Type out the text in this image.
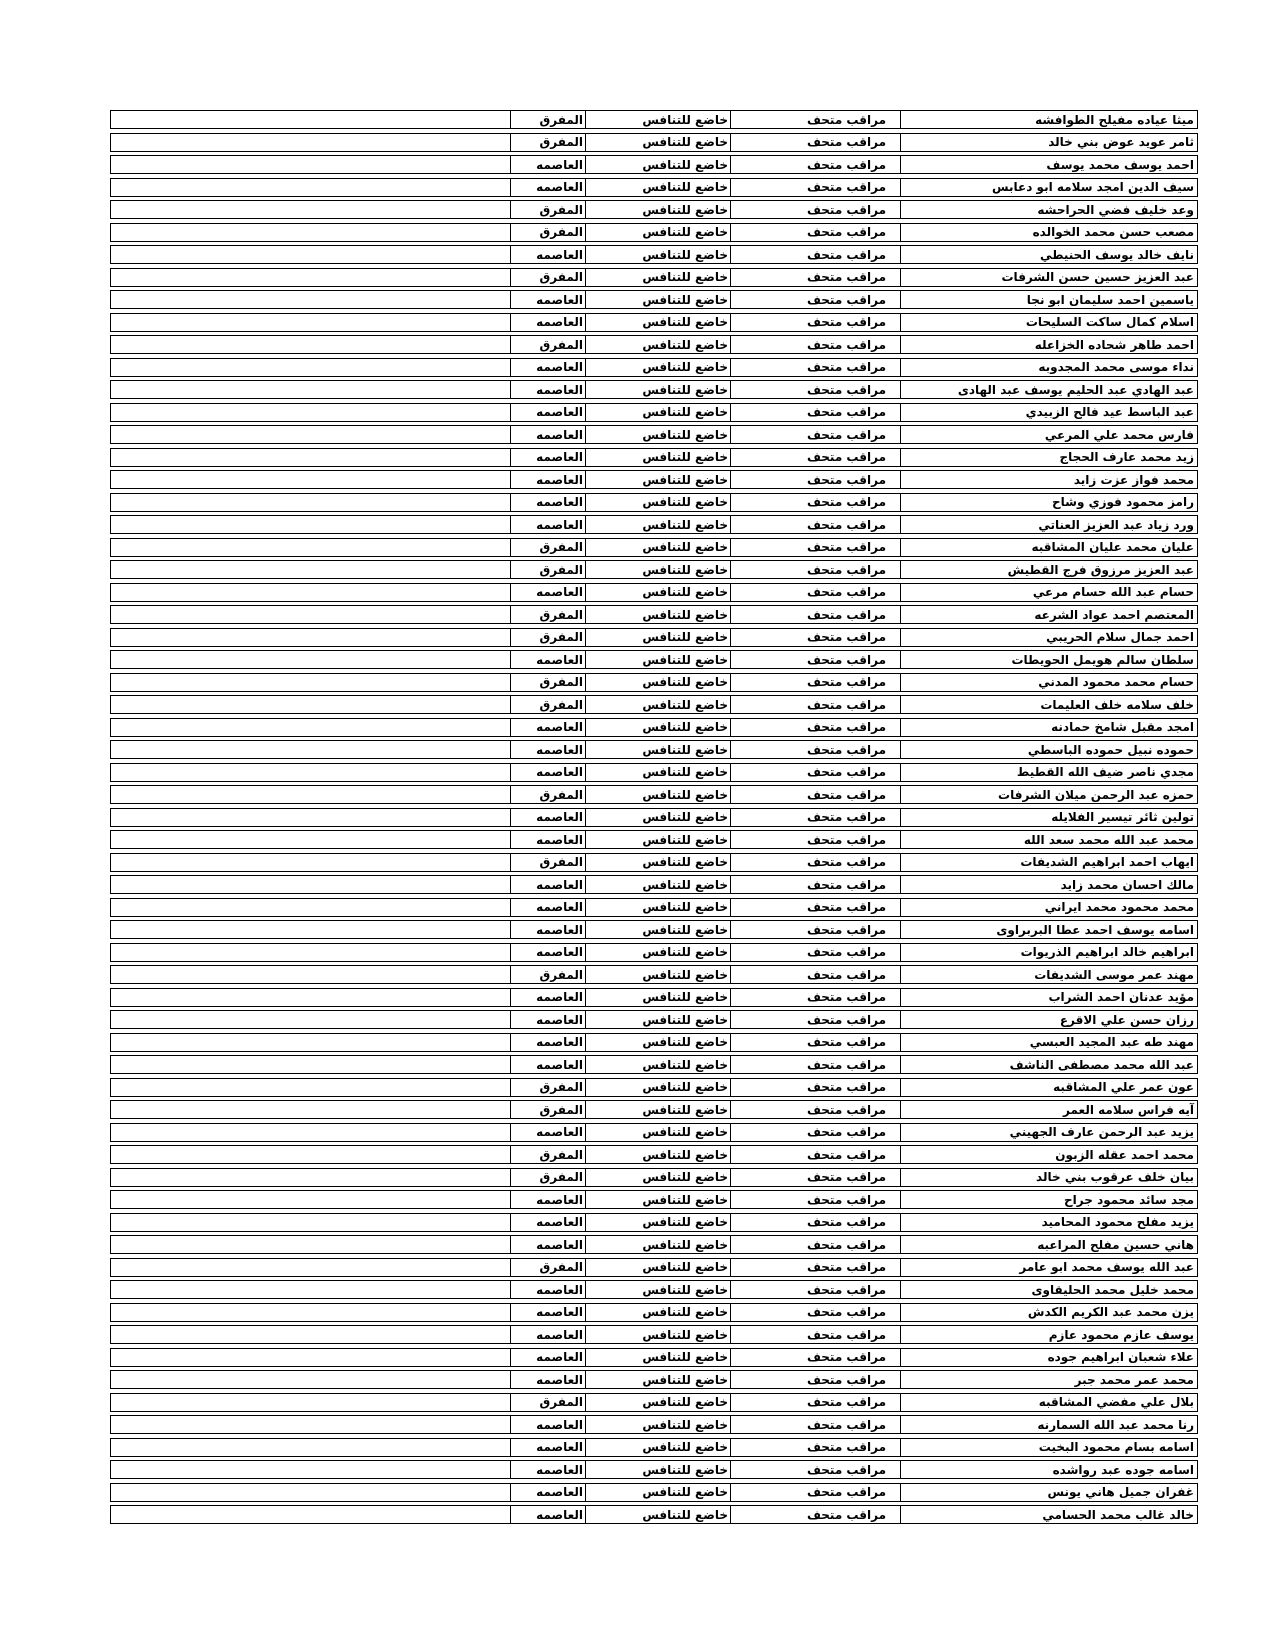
ميثا عياده مفيلح الطوافشه
مراقب متحف
خاضع للتنافس
المفرق
ثامر عويد عوض بني خالد
مراقب متحف
خاضع للتنافس
المفرق
احمد يوسف محمد يوسف
مراقب متحف
خاضع للتنافس
العاصمه
سيف الدين امجد سلامه ابو دعابس
مراقب متحف
خاضع للتنافس
العاصمه
وعد خليف فضي الحراحشه
مراقب متحف
خاضع للتنافس
المفرق
مصعب حسن محمد الخوالده
مراقب متحف
خاضع للتنافس
المفرق
نايف خالد يوسف الحنيطي
مراقب متحف
خاضع للتنافس
العاصمه
عبد العزيز حسين حسن الشرفات
مراقب متحف
خاضع للتنافس
المفرق
ياسمين احمد سليمان ابو نجا
مراقب متحف
خاضع للتنافس
العاصمه
اسلام كمال ساكت السليحات
مراقب متحف
خاضع للتنافس
العاصمه
احمد طاهر شحاده الخزاعله
مراقب متحف
خاضع للتنافس
المفرق
نداء موسى محمد المجدوبه
مراقب متحف
خاضع للتنافس
العاصمه
عبد الهادي عبد الحليم يوسف عبد الهادى
مراقب متحف
خاضع للتنافس
العاصمه
عبد الباسط عيد فالح الزبيدي
مراقب متحف
خاضع للتنافس
العاصمه
فارس محمد علي المرعي
مراقب متحف
خاضع للتنافس
العاصمه
زيد محمد عارف الحجاج
مراقب متحف
خاضع للتنافس
العاصمه
محمد فواز عزت زايد
مراقب متحف
خاضع للتنافس
العاصمه
رامز محمود فوزي وشاح
مراقب متحف
خاضع للتنافس
العاصمه
ورد زياد عبد العزيز العناتي
مراقب متحف
خاضع للتنافس
العاصمه
عليان محمد عليان المشاقبه
مراقب متحف
خاضع للتنافس
المفرق
عبد العزيز مرزوق فرج القطيش
مراقب متحف
خاضع للتنافس
المفرق
حسام عبد الله حسام مرعي
مراقب متحف
خاضع للتنافس
العاصمه
المعتصم احمد عواد الشرعه
مراقب متحف
خاضع للتنافس
المفرق
احمد جمال سلام الحريبي
مراقب متحف
خاضع للتنافس
المفرق
سلطان سالم هويمل الحويطات
مراقب متحف
خاضع للتنافس
العاصمه
حسام محمد محمود المدني
مراقب متحف
خاضع للتنافس
المفرق
خلف سلامه خلف العليمات
مراقب متحف
خاضع للتنافس
المفرق
امجد مقبل شامخ حمادنه
مراقب متحف
خاضع للتنافس
العاصمه
حموده نبيل حموده الباسطي
مراقب متحف
خاضع للتنافس
العاصمه
مجدي ناصر ضيف الله القطيط
مراقب متحف
خاضع للتنافس
العاصمه
حمزه عبد الرحمن ميلان الشرفات
مراقب متحف
خاضع للتنافس
المفرق
تولين ثائر تيسير الفلايله
مراقب متحف
خاضع للتنافس
العاصمه
محمد عبد الله محمد سعد الله
مراقب متحف
خاضع للتنافس
العاصمه
ايهاب احمد ابراهيم الشديفات
مراقب متحف
خاضع للتنافس
المفرق
مالك احسان محمد زايد
مراقب متحف
خاضع للتنافس
العاصمه
محمد محمود محمد ايراني
مراقب متحف
خاضع للتنافس
العاصمه
اسامه يوسف احمد عطا البربراوى
مراقب متحف
خاضع للتنافس
العاصمه
ابراهيم خالد ابراهيم الذريوات
مراقب متحف
خاضع للتنافس
العاصمه
مهند عمر موسى الشديفات
مراقب متحف
خاضع للتنافس
المفرق
مؤيد عدنان احمد الشراب
مراقب متحف
خاضع للتنافس
العاصمه
رزان حسن علي الاقرع
مراقب متحف
خاضع للتنافس
العاصمه
مهند طه عبد المجيد العبسي
مراقب متحف
خاضع للتنافس
العاصمه
عبد الله محمد مصطفى الناشف
مراقب متحف
خاضع للتنافس
العاصمه
عون عمر علي المشاقبه
مراقب متحف
خاضع للتنافس
المفرق
آيه فراس سلامه العمر
مراقب متحف
خاضع للتنافس
المفرق
يزيد عبد الرحمن عارف الجهيني
مراقب متحف
خاضع للتنافس
العاصمه
محمد احمد عقله الزبون
مراقب متحف
خاضع للتنافس
المفرق
بيان خلف عرقوب بني خالد
مراقب متحف
خاضع للتنافس
المفرق
مجد سائد محمود جراح
مراقب متحف
خاضع للتنافس
العاصمه
يزيد مفلح محمود المحاميد
مراقب متحف
خاضع للتنافس
العاصمه
هاني حسين مفلح المراعبه
مراقب متحف
خاضع للتنافس
العاصمه
عبد الله يوسف محمد ابو عامر
مراقب متحف
خاضع للتنافس
المفرق
محمد خليل محمد الحليقاوى
مراقب متحف
خاضع للتنافس
العاصمه
يزن محمد عبد الكريم الكدش
مراقب متحف
خاضع للتنافس
العاصمه
يوسف عازم محمود عازم
مراقب متحف
خاضع للتنافس
العاصمه
علاء شعبان ابراهيم جوده
مراقب متحف
خاضع للتنافس
العاصمه
محمد عمر محمد جبر
مراقب متحف
خاضع للتنافس
العاصمه
بلال علي مفضي المشاقبه
مراقب متحف
خاضع للتنافس
المفرق
رنا محمد عبد الله السمارنه
مراقب متحف
خاضع للتنافس
العاصمه
اسامه بسام محمود البخيت
مراقب متحف
خاضع للتنافس
العاصمه
اسامه جوده عبد رواشده
مراقب متحف
خاضع للتنافس
العاصمه
غفران جميل هاني يونس
مراقب متحف
خاضع للتنافس
العاصمه
خالد غالب محمد الحسامي
مراقب متحف
خاضع للتنافس
العاصمه
